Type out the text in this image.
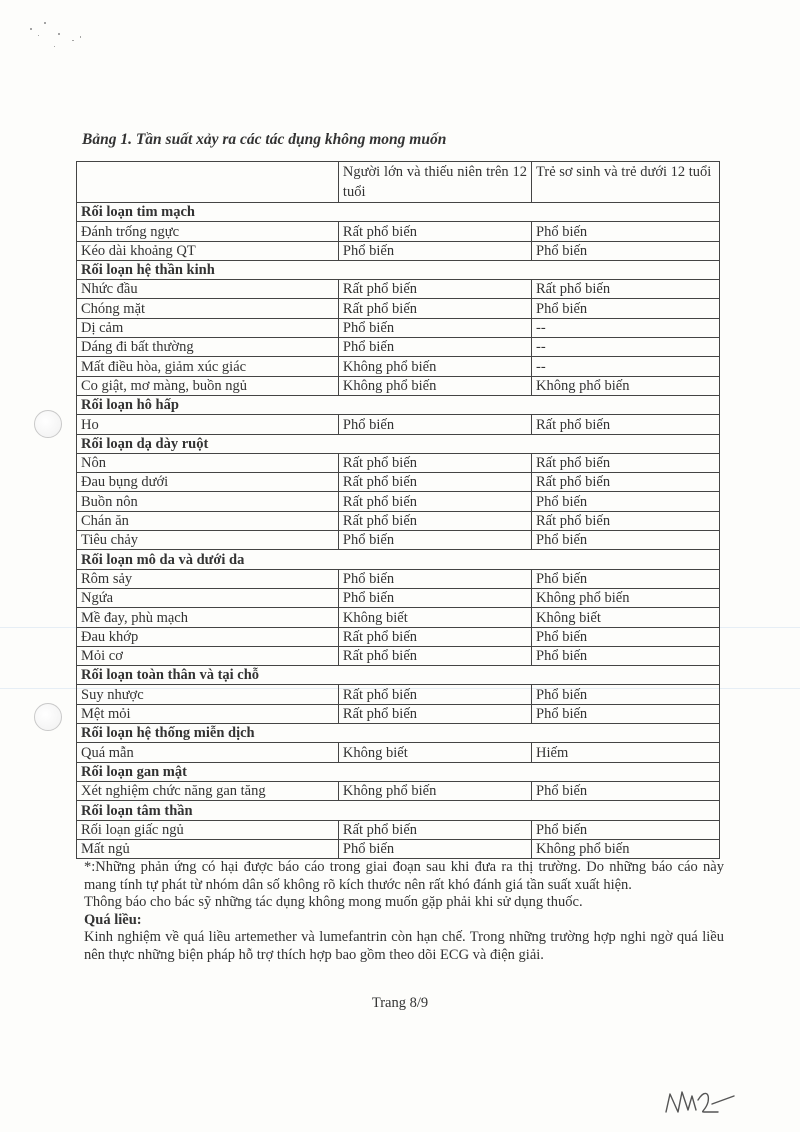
Bảng 1. Tần suất xảy ra các tác dụng không mong muốn
	Người lớn và thiếu niên trên 12 tuổi	Trẻ sơ sinh và trẻ dưới 12 tuổi
Rối loạn tim mạch		
Đánh trống ngực	Rất phổ biến	Phổ biến
Kéo dài khoảng QT	Phổ biến	Phổ biến
Rối loạn hệ thần kinh		
Nhức đầu	Rất phổ biến	Rất phổ biến
Chóng mặt	Rất phổ biến	Phổ biến
Dị cảm	Phổ biến	--
Dáng đi bất thường	Phổ biến	--
Mất điều hòa, giảm xúc giác	Không phổ biến	--
Co giật, mơ màng, buồn ngủ	Không phổ biến	Không phổ biến
Rối loạn hô hấp		
Ho	Phổ biến	Rất phổ biến
Rối loạn dạ dày ruột		
Nôn	Rất phổ biến	Rất phổ biến
Đau bụng dưới	Rất phổ biến	Rất phổ biến
Buồn nôn	Rất phổ biến	Phổ biến
Chán ăn	Rất phổ biến	Rất phổ biến
Tiêu chảy	Phổ biến	Phổ biến
Rối loạn mô da và dưới da		
Rôm sảy	Phổ biến	Phổ biến
Ngứa	Phổ biến	Không phổ biến
Mề đay, phù mạch	Không biết	Không biết
Đau khớp	Rất phổ biến	Phổ biến
Mỏi cơ	Rất phổ biến	Phổ biến
Rối loạn toàn thân và tại chỗ		
Suy nhược	Rất phổ biến	Phổ biến
Mệt mỏi	Rất phổ biến	Phổ biến
Rối loạn hệ thống miễn dịch		
Quá mẫn	Không biết	Hiếm
Rối loạn gan mật		
Xét nghiệm chức năng gan tăng	Không phổ biến	Phổ biến
Rối loạn tâm thần		
Rối loạn giấc ngủ	Rất phổ biến	Phổ biến
Mất ngủ	Phổ biến	Không phổ biến

*:Những phản ứng có hại được báo cáo trong giai đoạn sau khi đưa ra thị trường. Do những báo cáo này mang tính tự phát từ nhóm dân số không rõ kích thước nên rất khó đánh giá tần suất xuất hiện.

Thông báo cho bác sỹ những tác dụng không mong muốn gặp phải khi sử dụng thuốc.

Quá liều:

Kinh nghiệm về quá liều artemether và lumefantrin còn hạn chế. Trong những trường hợp nghi ngờ quá liều nên thực những biện pháp hỗ trợ thích hợp bao gồm theo dõi ECG và điện giải.

Trang 8/9
